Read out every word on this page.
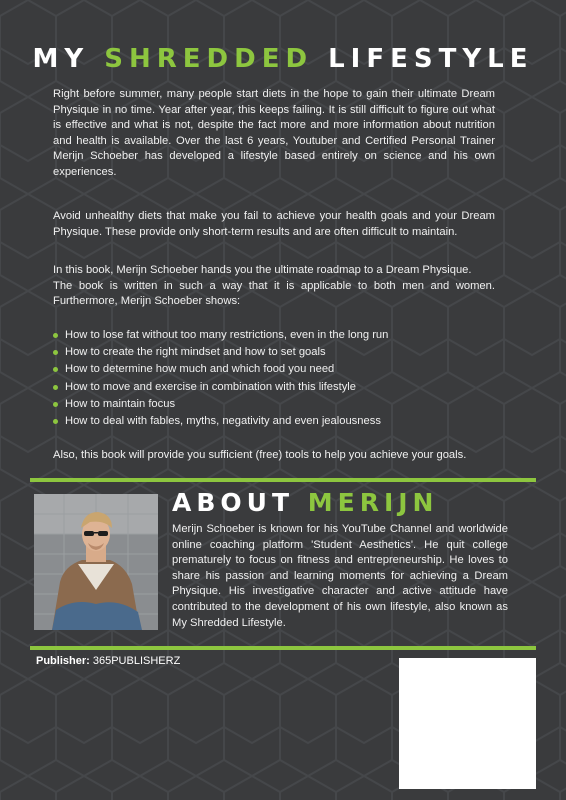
MY SHREDDED LIFESTYLE
Right before summer, many people start diets in the hope to gain their ultimate Dream Physique in no time. Year after year, this keeps failing. It is still difficult to figure out what is effective and what is not, despite the fact more and more information about nutrition and health is available. Over the last 6 years, Youtuber and Certified Personal Trainer Merijn Schoeber has developed a lifestyle based entirely on science and his own experiences.
Avoid unhealthy diets that make you fail to achieve your health goals and your Dream Physique. These provide only short-term results and are often difficult to maintain.
In this book, Merijn Schoeber hands you the ultimate roadmap to a Dream Physique.
The book is written in such a way that it is applicable to both men and women. Furthermore, Merijn Schoeber shows:
How to lose fat without too many restrictions, even in the long run
How to create the right mindset and how to set goals
How to determine how much and which food you need
How to move and exercise in combination with this lifestyle
How to maintain focus
How to deal with fables, myths, negativity and even jealousness
Also, this book will provide you sufficient (free) tools to help you achieve your goals.
ABOUT MERIJN
Merijn Schoeber is known for his YouTube Channel and worldwide online coaching platform 'Student Aesthetics'. He quit college prematurely to focus on fitness and entrepreneurship. He loves to share his passion and learning moments for achieving a Dream Physique. His investigative character and active attitude have contributed to the development of his own lifestyle, also known as My Shredded Lifestyle.
Publisher: 365PUBLISHERZ
